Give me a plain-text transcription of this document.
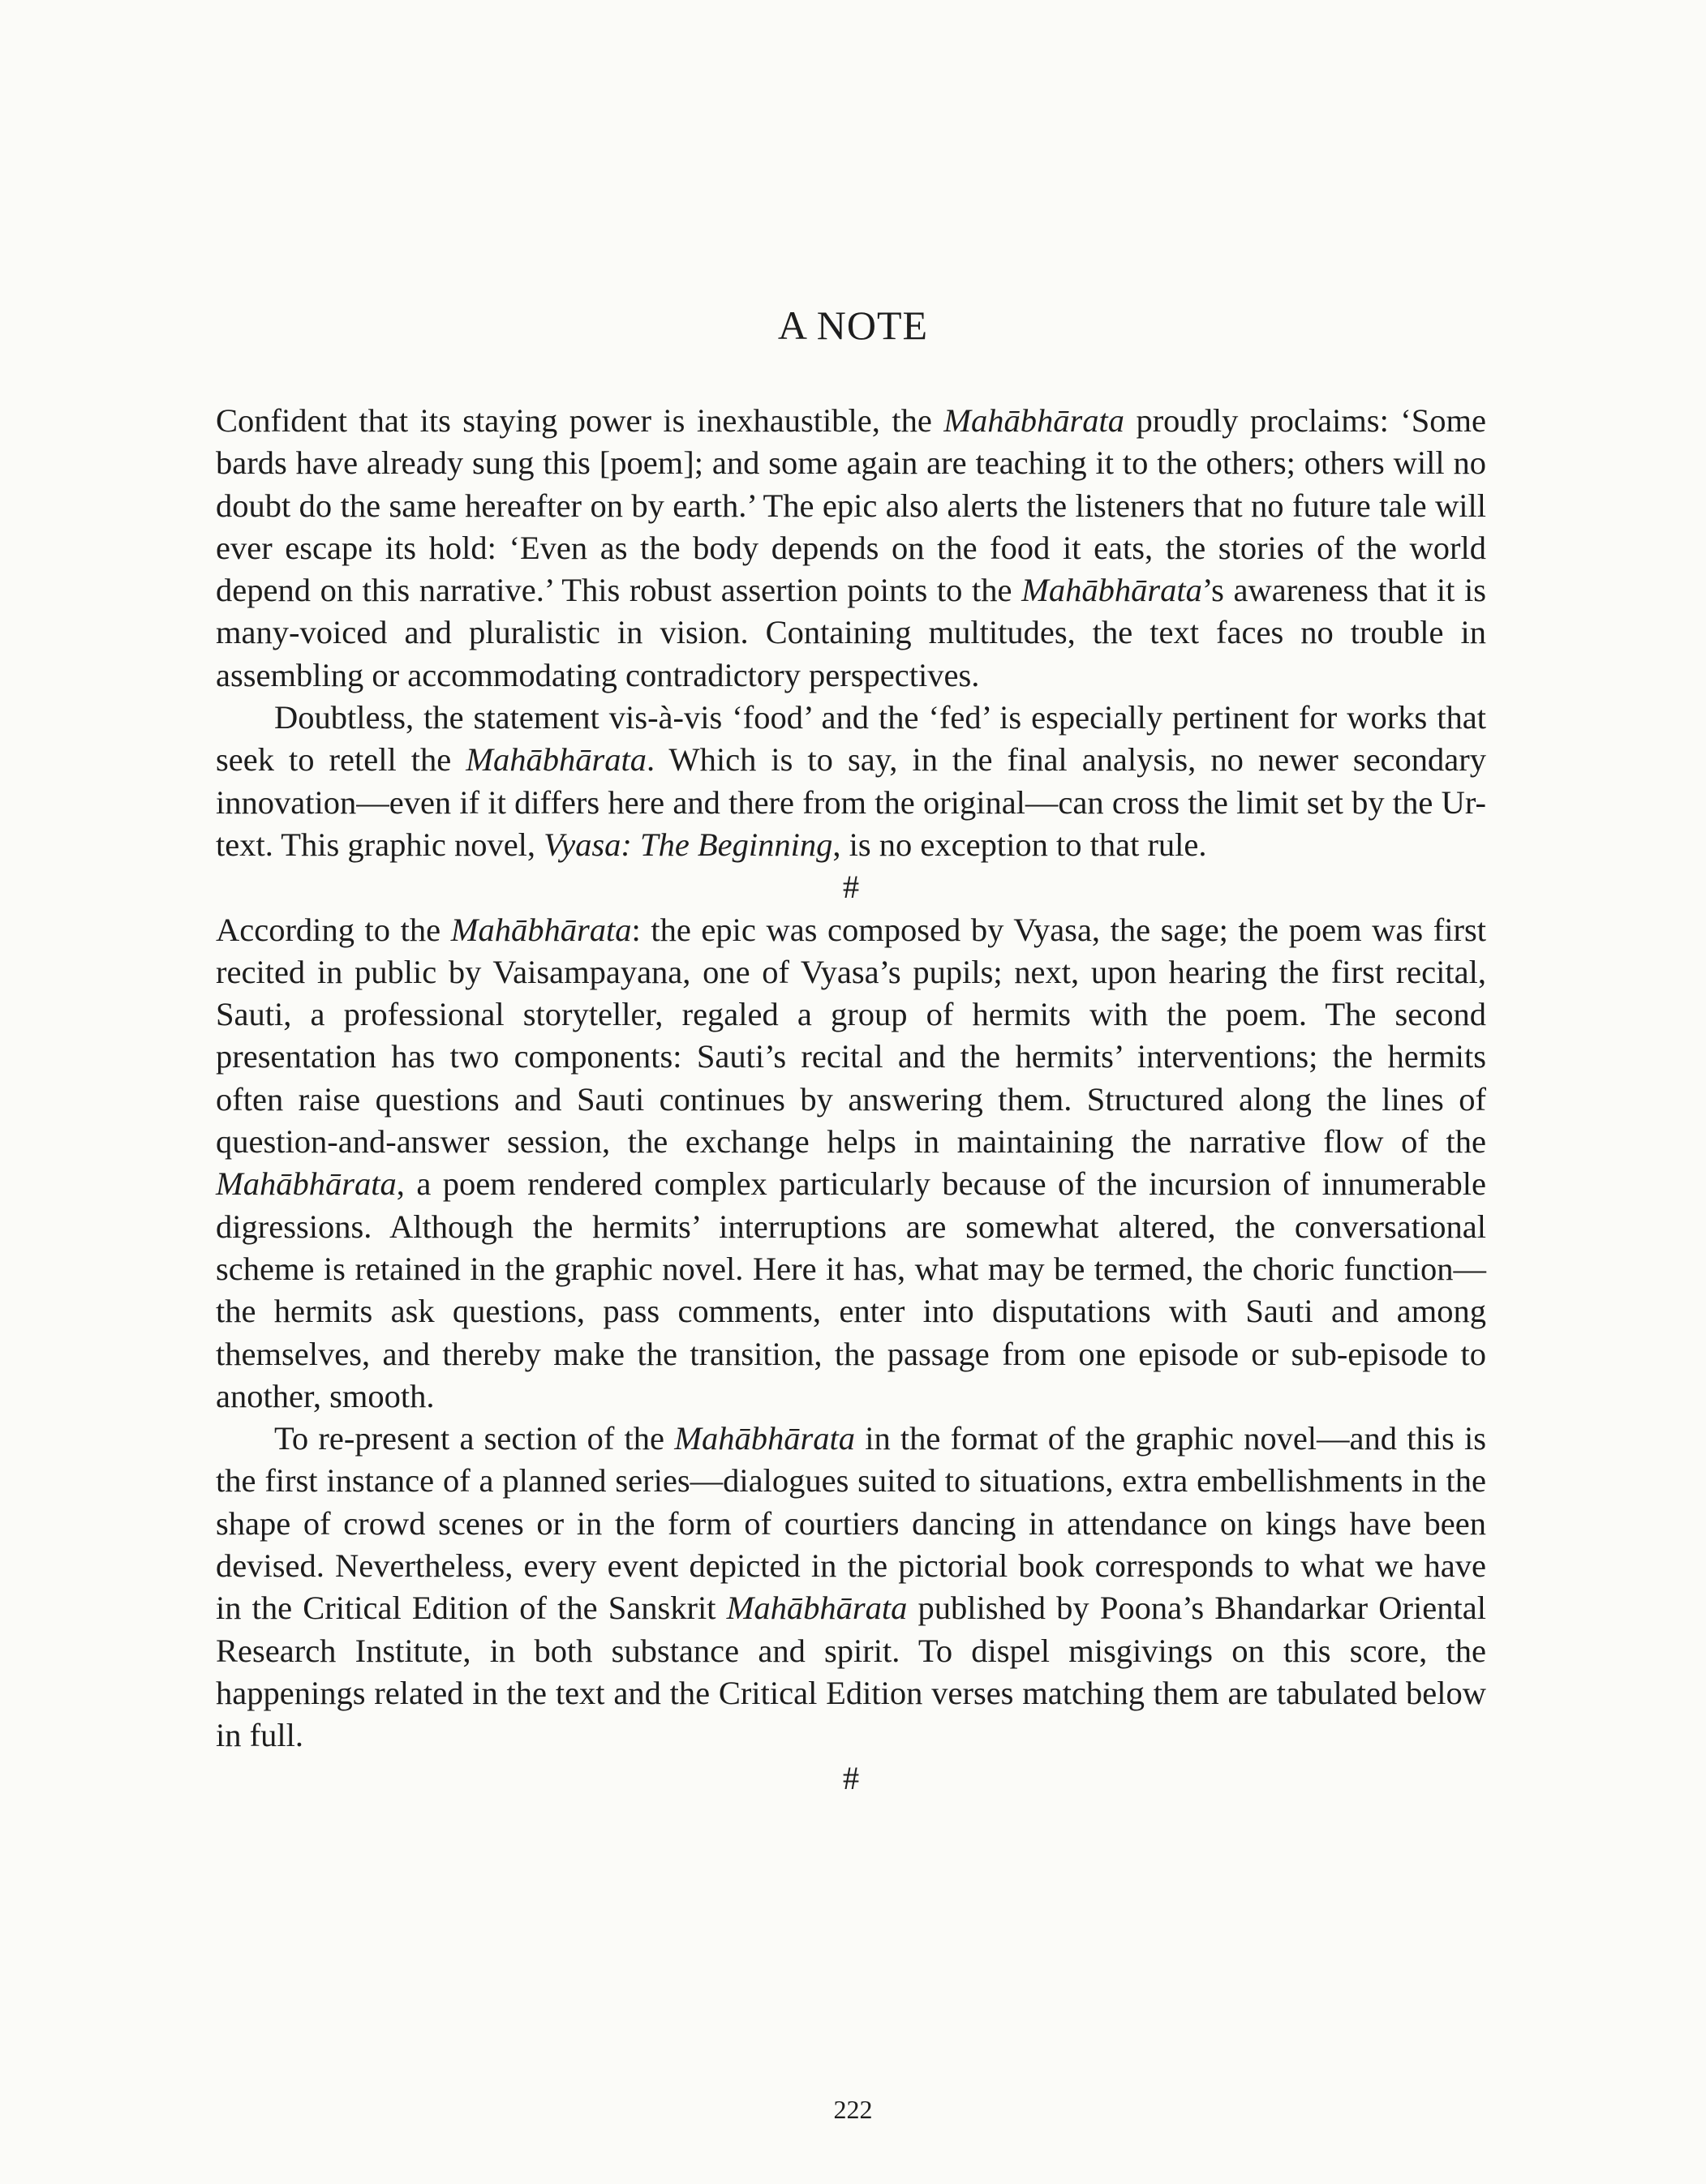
A NOTE

Confident that its staying power is inexhaustible, the Mahābhārata proudly proclaims: ‘Some bards have already sung this [poem]; and some again are teaching it to the others; others will no doubt do the same hereafter on by earth.’ The epic also alerts the listeners that no future tale will ever escape its hold: ‘Even as the body depends on the food it eats, the stories of the world depend on this narrative.’ This robust assertion points to the Mahābhārata’s awareness that it is many-voiced and pluralistic in vision. Containing multitudes, the text faces no trouble in assembling or accommodating contradictory perspectives.

Doubtless, the statement vis-à-vis ‘food’ and the ‘fed’ is especially pertinent for works that seek to retell the Mahābhārata. Which is to say, in the final analysis, no newer secondary innovation—even if it differs here and there from the original—can cross the limit set by the Ur-text. This graphic novel, Vyasa: The Beginning, is no exception to that rule.

#

According to the Mahābhārata: the epic was composed by Vyasa, the sage; the poem was first recited in public by Vaisampayana, one of Vyasa’s pupils; next, upon hearing the first recital, Sauti, a professional storyteller, regaled a group of hermits with the poem. The second presentation has two components: Sauti’s recital and the hermits’ interventions; the hermits often raise questions and Sauti continues by answering them. Structured along the lines of question-and-answer session, the exchange helps in maintaining the narrative flow of the Mahābhārata, a poem rendered complex particularly because of the incursion of innumerable digressions. Although the hermits’ interruptions are somewhat altered, the conversational scheme is retained in the graphic novel. Here it has, what may be termed, the choric function—the hermits ask questions, pass comments, enter into disputations with Sauti and among themselves, and thereby make the transition, the passage from one episode or sub-episode to another, smooth.

To re-present a section of the Mahābhārata in the format of the graphic novel—and this is the first instance of a planned series—dialogues suited to situations, extra embellishments in the shape of crowd scenes or in the form of courtiers dancing in attendance on kings have been devised. Nevertheless, every event depicted in the pictorial book corresponds to what we have in the Critical Edition of the Sanskrit Mahābhārata published by Poona’s Bhandarkar Oriental Research Institute, in both substance and spirit. To dispel misgivings on this score, the happenings related in the text and the Critical Edition verses matching them are tabulated below in full.

#

222
